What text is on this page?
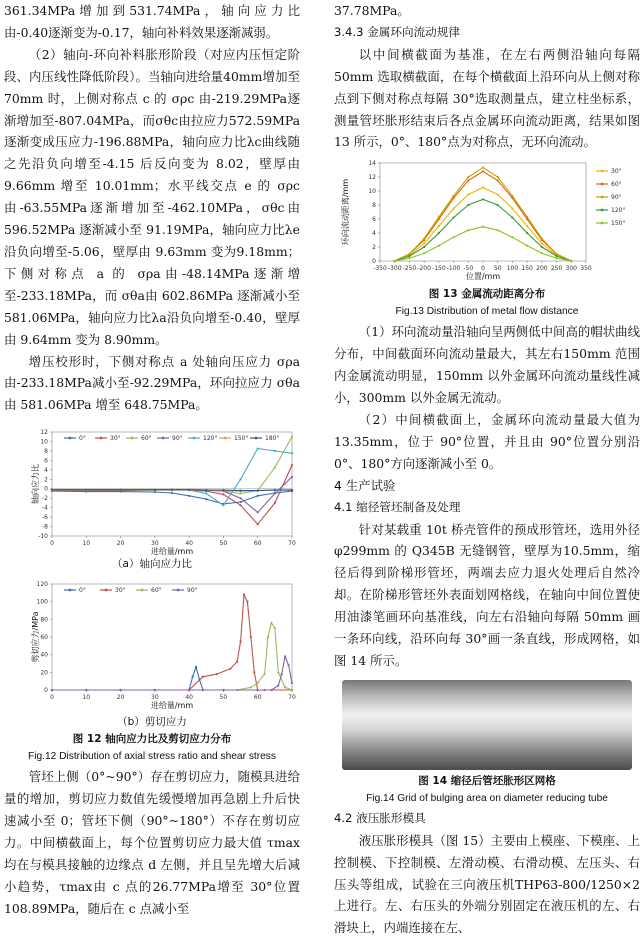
361.34MPa增加到531.74MPa，轴向应力比由-0.40逐渐变为-0.17，轴向补料效果逐渐减弱。

（2）轴向-环向补料胀形阶段（对应内压恒定阶段、内压线性降低阶段）。当轴向进给量40mm增加至 70mm 时，上侧对称点 c 的 σρc 由-219.29MPa逐渐增加至-807.04MPa，而σθc由拉应力572.59MPa逐渐变成压应力-196.88MPa，轴向应力比λc曲线随之先沿负向增至-4.15 后反向变为 8.02，壁厚由 9.66mm 增至 10.01mm；水平线交点 e 的 σρc由-63.55MPa逐渐增加至-462.10MPa，σθc由 596.52MPa 逐渐减小至 91.19MPa，轴向应力比λe沿负向增至-5.06，壁厚由 9.63mm 变为9.18mm；下侧对称点 a 的 σρa由-48.14MPa逐渐增至-233.18MPa，而 σθa由 602.86MPa 逐渐减小至581.06MPa，轴向应力比λa沿负向增至-0.40，壁厚由 9.64mm 变为 8.90mm。

增压校形时，下侧对称点 a 处轴向压应力 σρa由-233.18MPa减小至-92.29MPa，环向拉应力 σθa由 581.06MPa 增至 648.75MPa。

-10
-8
-6
-4
-2
0
2
4
6
8
10
12
0	10	20	30	40	50	60	70
进给量/mm
轴向应力比
0°	30°	60°	90°	120°	150°	180°
（a）轴向应力比
0
20
40
60
80
100
120
0	10	20	30	40	50	60	70
进给量/mm
剪切应力/MPa
0°	30°	60°	90°
（b）剪切应力
图 12 轴向应力比及剪切应力分布
Fig.12 Distribution of axial stress ratio and shear stress

管坯上侧（0°~90°）存在剪切应力，随模具进给量的增加，剪切应力数值先缓慢增加再急剧上升后快速减小至 0；管坯下侧（90°~180°）不存在剪切应力。中间横截面上，每个位置剪切应力最大值 τmax均在与模具接触的边缘点 d 左侧，并且呈先增大后减小趋势，τmax由 c 点的26.77MPa增至 30°位置 108.89MPa，随后在 c 点减小至

37.78MPa。

3.4.3 金属环向流动规律

以中间横截面为基准，在左右两侧沿轴向每隔 50mm 选取横截面，在每个横截面上沿环向从上侧对称点到下侧对称点每隔 30°选取测量点，建立柱坐标系，测量管坯胀形结束后各点金属环向流动距离，结果如图 13 所示，0°、180°点为对称点，无环向流动。

0
2
4
6
8
10
12
14
-350 -300 -250 -200 -150 -100 -50 0 50 100 150 200 250 300 350
位置/mm
环向流动距离/mm
30°
60°
90°
120°
150°
图 13 金属流动距离分布
Fig.13 Distribution of metal flow distance

（1）环向流动量沿轴向呈两侧低中间高的帽状曲线分布，中间截面环向流动量最大，其左右150mm 范围内金属流动明显，150mm 以外金属环向流动量线性减小，300mm 以外金属无流动。

（2）中间横截面上，金属环向流动量最大值为 13.35mm，位于 90°位置，并且由 90°位置分别沿 0°、180°方向逐渐减小至 0。

4 生产试验

4.1 缩径管坯制备及处理

针对某载重 10t 桥壳管件的预成形管坯，选用外径 φ299mm 的 Q345B 无缝钢管，壁厚为10.5mm，缩径后得到阶梯形管坯，两端去应力退火处理后自然冷却。在阶梯形管坯外表面划网格线，在轴向中间位置使用油漆笔画环向基准线，向左右沿轴向每隔 50mm 画一条环向线，沿环向每 30°画一条直线，形成网格，如图 14 所示。

图 14 缩径后管坯胀形区网格
Fig.14 Grid of bulging area on diameter reducing tube

4.2 液压胀形模具

液压胀形模具（图 15）主要由上模座、下模座、上控制模、下控制模、左滑动模、右滑动模、左压头、右压头等组成，试验在三向液压机THP63-800/1250×2 上进行。左、右压头的外端分别固定在液压机的左、右滑块上，内端连接在左、
